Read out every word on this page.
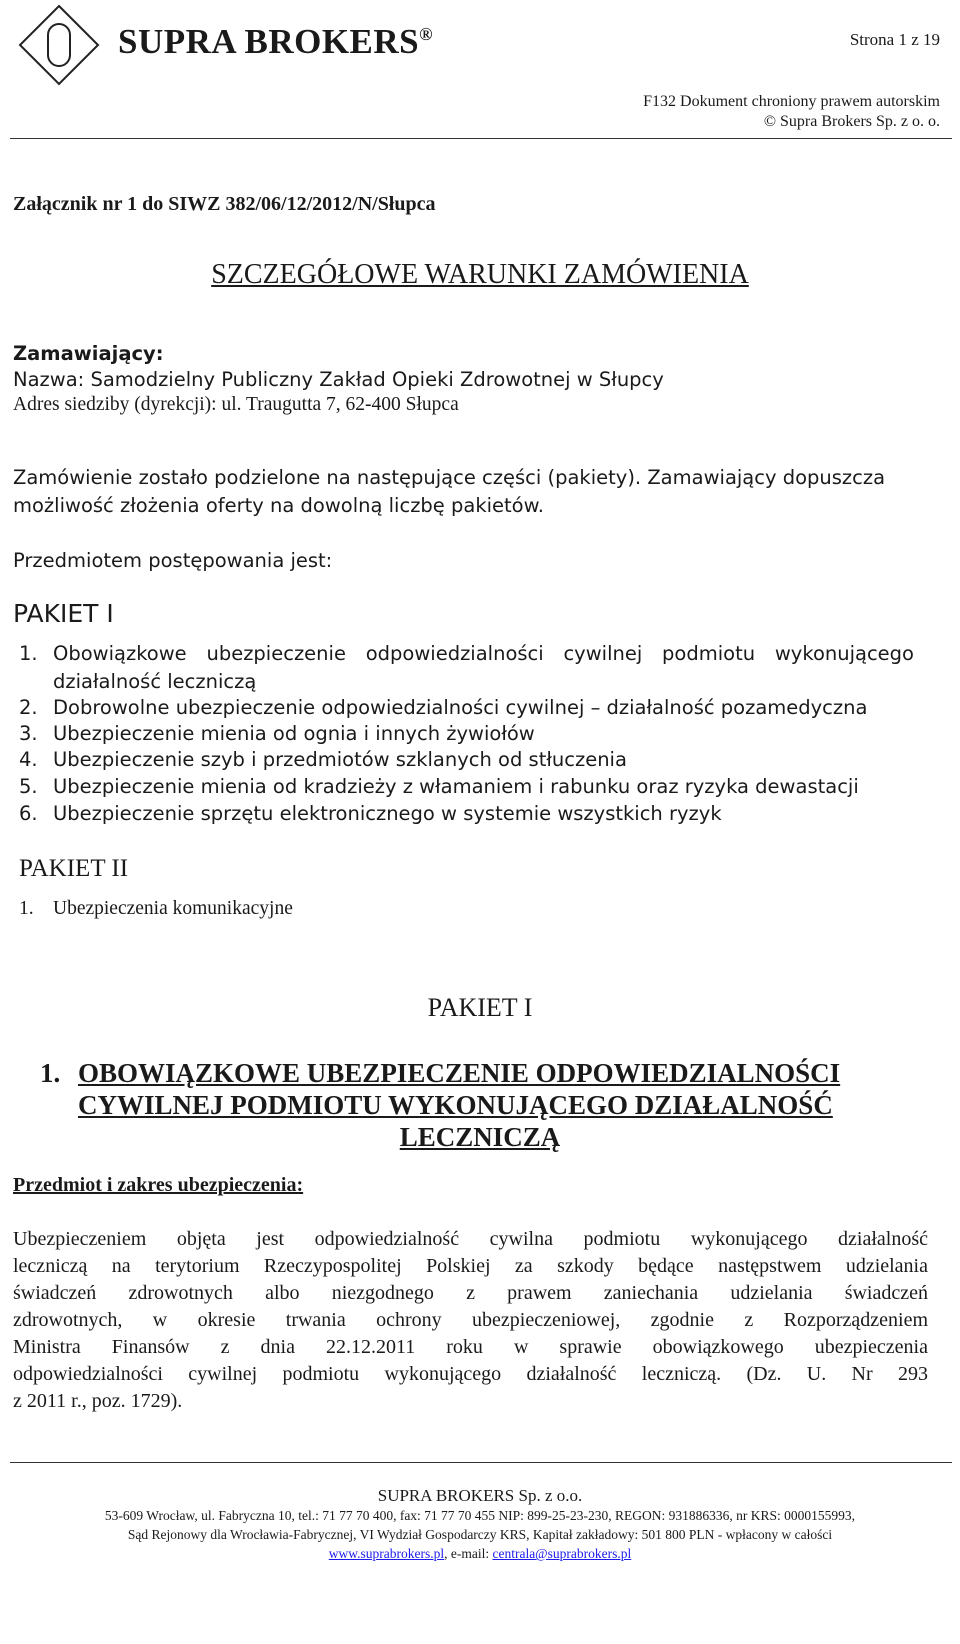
SUPRA BROKERS®	Strona 1 z 19
F132 Dokument chroniony prawem autorskim
© Supra Brokers Sp. z o. o.
Załącznik nr 1 do SIWZ 382/06/12/2012/N/Słupca
SZCZEGÓŁOWE WARUNKI ZAMÓWIENIA
Zamawiający:
Nazwa: Samodzielny Publiczny Zakład Opieki Zdrowotnej w Słupcy
Adres siedziby (dyrekcji): ul. Traugutta 7, 62-400 Słupca
Zamówienie zostało podzielone na następujące części (pakiety). Zamawiający dopuszcza
możliwość złożenia oferty na dowolną liczbę pakietów.
Przedmiotem postępowania jest:
PAKIET I
1. Obowiązkowe ubezpieczenie odpowiedzialności cywilnej podmiotu wykonującego
działalność leczniczą
2. Dobrowolne ubezpieczenie odpowiedzialności cywilnej – działalność pozamedyczna
3. Ubezpieczenie mienia od ognia i innych żywiołów
4. Ubezpieczenie szyb i przedmiotów szklanych od stłuczenia
5. Ubezpieczenie mienia od kradzieży z włamaniem i rabunku oraz ryzyka dewastacji
6. Ubezpieczenie sprzętu elektronicznego w systemie wszystkich ryzyk
PAKIET II
1. Ubezpieczenia komunikacyjne
PAKIET I
1. OBOWIĄZKOWE UBEZPIECZENIE ODPOWIEDZIALNOŚCI
CYWILNEJ PODMIOTU WYKONUJĄCEGO DZIAŁALNOŚĆ
LECZNICZĄ
Przedmiot i zakres ubezpieczenia:
Ubezpieczeniem objęta jest odpowiedzialność cywilna podmiotu wykonującego działalność
leczniczą na terytorium Rzeczypospolitej Polskiej za szkody będące następstwem udzielania
świadczeń zdrowotnych albo niezgodnego z prawem zaniechania udzielania świadczeń
zdrowotnych, w okresie trwania ochrony ubezpieczeniowej, zgodnie z Rozporządzeniem
Ministra Finansów z dnia 22.12.2011 roku w sprawie obowiązkowego ubezpieczenia
odpowiedzialności cywilnej podmiotu wykonującego działalność leczniczą. (Dz. U. Nr 293
z 2011 r., poz. 1729).
SUPRA BROKERS Sp. z o.o.
53-609 Wrocław, ul. Fabryczna 10, tel.: 71 77 70 400, fax: 71 77 70 455 NIP: 899-25-23-230, REGON: 931886336, nr KRS: 0000155993,
Sąd Rejonowy dla Wrocławia-Fabrycznej, VI Wydział Gospodarczy KRS, Kapitał zakładowy: 501 800 PLN - wpłacony w całości
www.suprabrokers.pl, e-mail: centrala@suprabrokers.pl
